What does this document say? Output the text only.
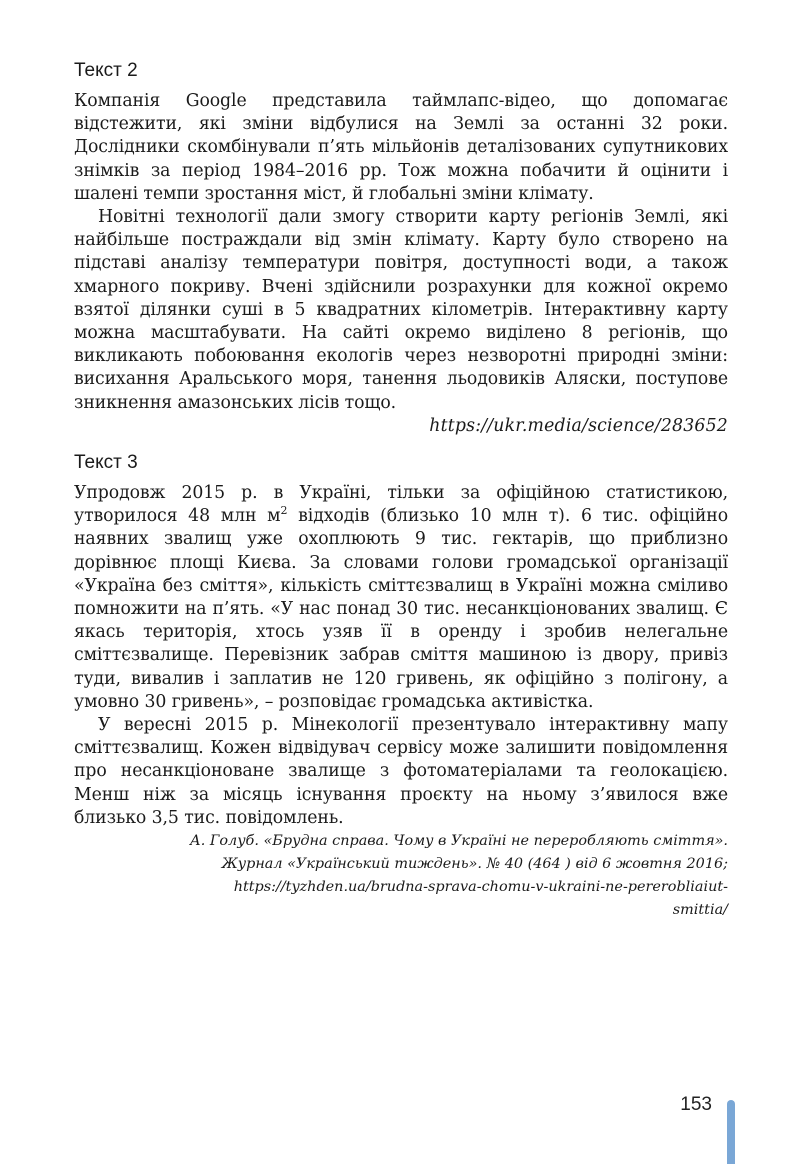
Текст 2

Компанія Google представила таймлапс-відео, що допомагає відстежити, які зміни відбулися на Землі за останні 32 роки. Дослідники скомбінували п’ять мільйонів деталізованих супутникових знімків за період 1984–2016 рр. Тож можна побачити й оцінити і шалені темпи зростання міст, й глобальні зміни клімату.

Новітні технології дали змогу створити карту регіонів Землі, які найбільше постраждали від змін клімату. Карту було створено на підставі аналізу температури повітря, доступності води, а також хмарного покриву. Вчені здійснили розрахунки для кожної окремо взятої ділянки суші в 5 квадратних кілометрів. Інтерактивну карту можна масштабувати. На сайті окремо виділено 8 регіонів, що викликають побоювання екологів через незворотні природні зміни: висихання Аральського моря, танення льодовиків Аляски, поступове зникнення амазонських лісів тощо.

https://ukr.media/science/283652

Текст 3

Упродовж 2015 р. в Україні, тільки за офіційною статистикою, утворилося 48 млн $м^2$ відходів (близько 10 млн т). 6 тис. офіційно наявних звалищ уже охоплюють 9 тис. гектарів, що приблизно дорівнює площі Києва. За словами голови громадської організації «Україна без сміття», кількість сміттєзвалищ в Україні можна сміливо помножити на п’ять. «У нас понад 30 тис. несанкціонованих звалищ. Є якась територія, хтось узяв її в оренду і зробив нелегальне сміттєзвалище. Перевізник забрав сміття машиною із двору, привіз туди, вивалив і заплатив не 120 гривень, як офіційно з полігону, а умовно 30 гривень», – розповідає громадська активістка.

У вересні 2015 р. Мінекології презентувало інтерактивну мапу сміттєзвалищ. Кожен відвідувач сервісу може залишити повідомлення про несанкціоноване звалище з фотоматеріалами та геолокацією. Менш ніж за місяць існування проєкту на ньому з’явилося вже близько 3,5 тис. повідомлень.

А. Голуб. «Брудна справа. Чому в Україні не переробляють сміття».
Журнал «Український тиждень». № 40 (464 ) від 6 жовтня 2016;
https://tyzhden.ua/brudna-sprava-chomu-v-ukraini-ne-pererobliaiut-
smittia/

153
